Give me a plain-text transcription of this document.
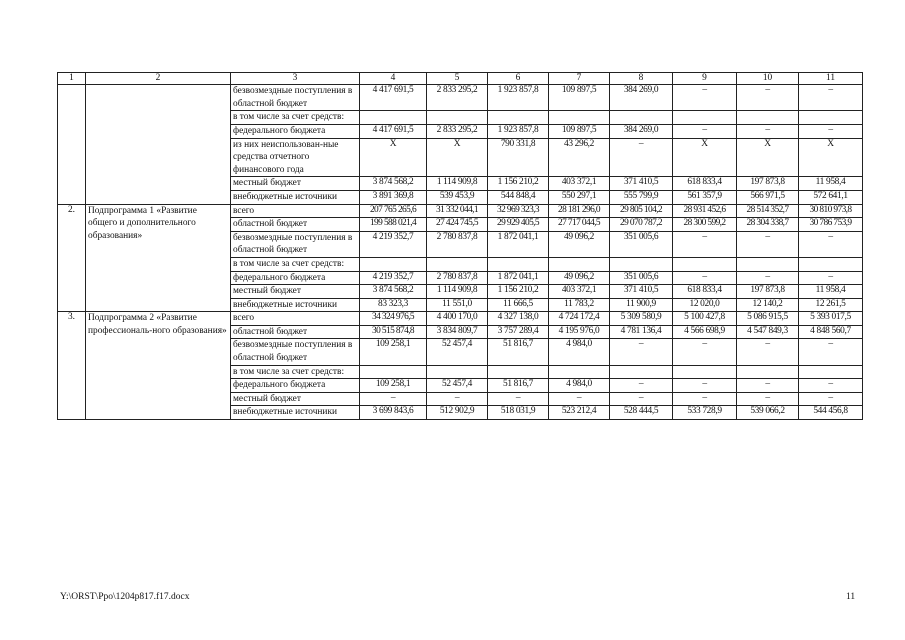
1	2	3	4	5	6	7	8	9	10	11
		безвозмездные поступления в областной бюджет	4 417 691,5	2 833 295,2	1 923 857,8	109 897,5	384 269,0	–	–	–
		в том числе за счет средств:								
		федерального бюджета	4 417 691,5	2 833 295,2	1 923 857,8	109 897,5	384 269,0	–	–	–
		из них неиспользован-ные средства отчетного финансового года	X	X	790 331,8	43 296,2	–	X	X	X
		местный бюджет	3 874 568,2	1 114 909,8	1 156 210,2	403 372,1	371 410,5	618 833,4	197 873,8	11 958,4
		внебюджетные источники	3 891 369,8	539 453,9	544 848,4	550 297,1	555 799,9	561 357,9	566 971,5	572 641,1
2.	Подпрограмма 1 «Развитие общего и дополнительного образования»	всего	207 765 265,6	31 332 044,1	32 969 323,3	28 181 296,0	29 805 104,2	28 931 452,6	28 514 352,7	30 810 973,8
		областной бюджет	199 588 021,4	27 424 745,5	29 929 405,5	27 717 044,5	29 070 787,2	28 300 599,2	28 304 338,7	30 786 753,9
		безвозмездные поступления в областной бюджет	4 219 352,7	2 780 837,8	1 872 041,1	49 096,2	351 005,6	–	–	–
		в том числе за счет средств:								
		федерального бюджета	4 219 352,7	2 780 837,8	1 872 041,1	49 096,2	351 005,6	–	–	–
		местный бюджет	3 874 568,2	1 114 909,8	1 156 210,2	403 372,1	371 410,5	618 833,4	197 873,8	11 958,4
		внебюджетные источники	83 323,3	11 551,0	11 666,5	11 783,2	11 900,9	12 020,0	12 140,2	12 261,5
3.	Подпрограмма 2 «Развитие профессиональ-ного образования»	всего	34 324 976,5	4 400 170,0	4 327 138,0	4 724 172,4	5 309 580,9	5 100 427,8	5 086 915,5	5 393 017,5
		областной бюджет	30 515 874,8	3 834 809,7	3 757 289,4	4 195 976,0	4 781 136,4	4 566 698,9	4 547 849,3	4 848 560,7
		безвозмездные поступления в областной бюджет	109 258,1	52 457,4	51 816,7	4 984,0	–	–	–	–
		в том числе за счет средств:								
		федерального бюджета	109 258,1	52 457,4	51 816,7	4 984,0	–	–	–	–
		местный бюджет	–	–	–	–	–	–	–	–
		внебюджетные источники	3 699 843,6	512 902,9	518 031,9	523 212,4	528 444,5	533 728,9	539 066,2	544 456,8
Y:\ORST\Ppo\1204p817.f17.docx	11
